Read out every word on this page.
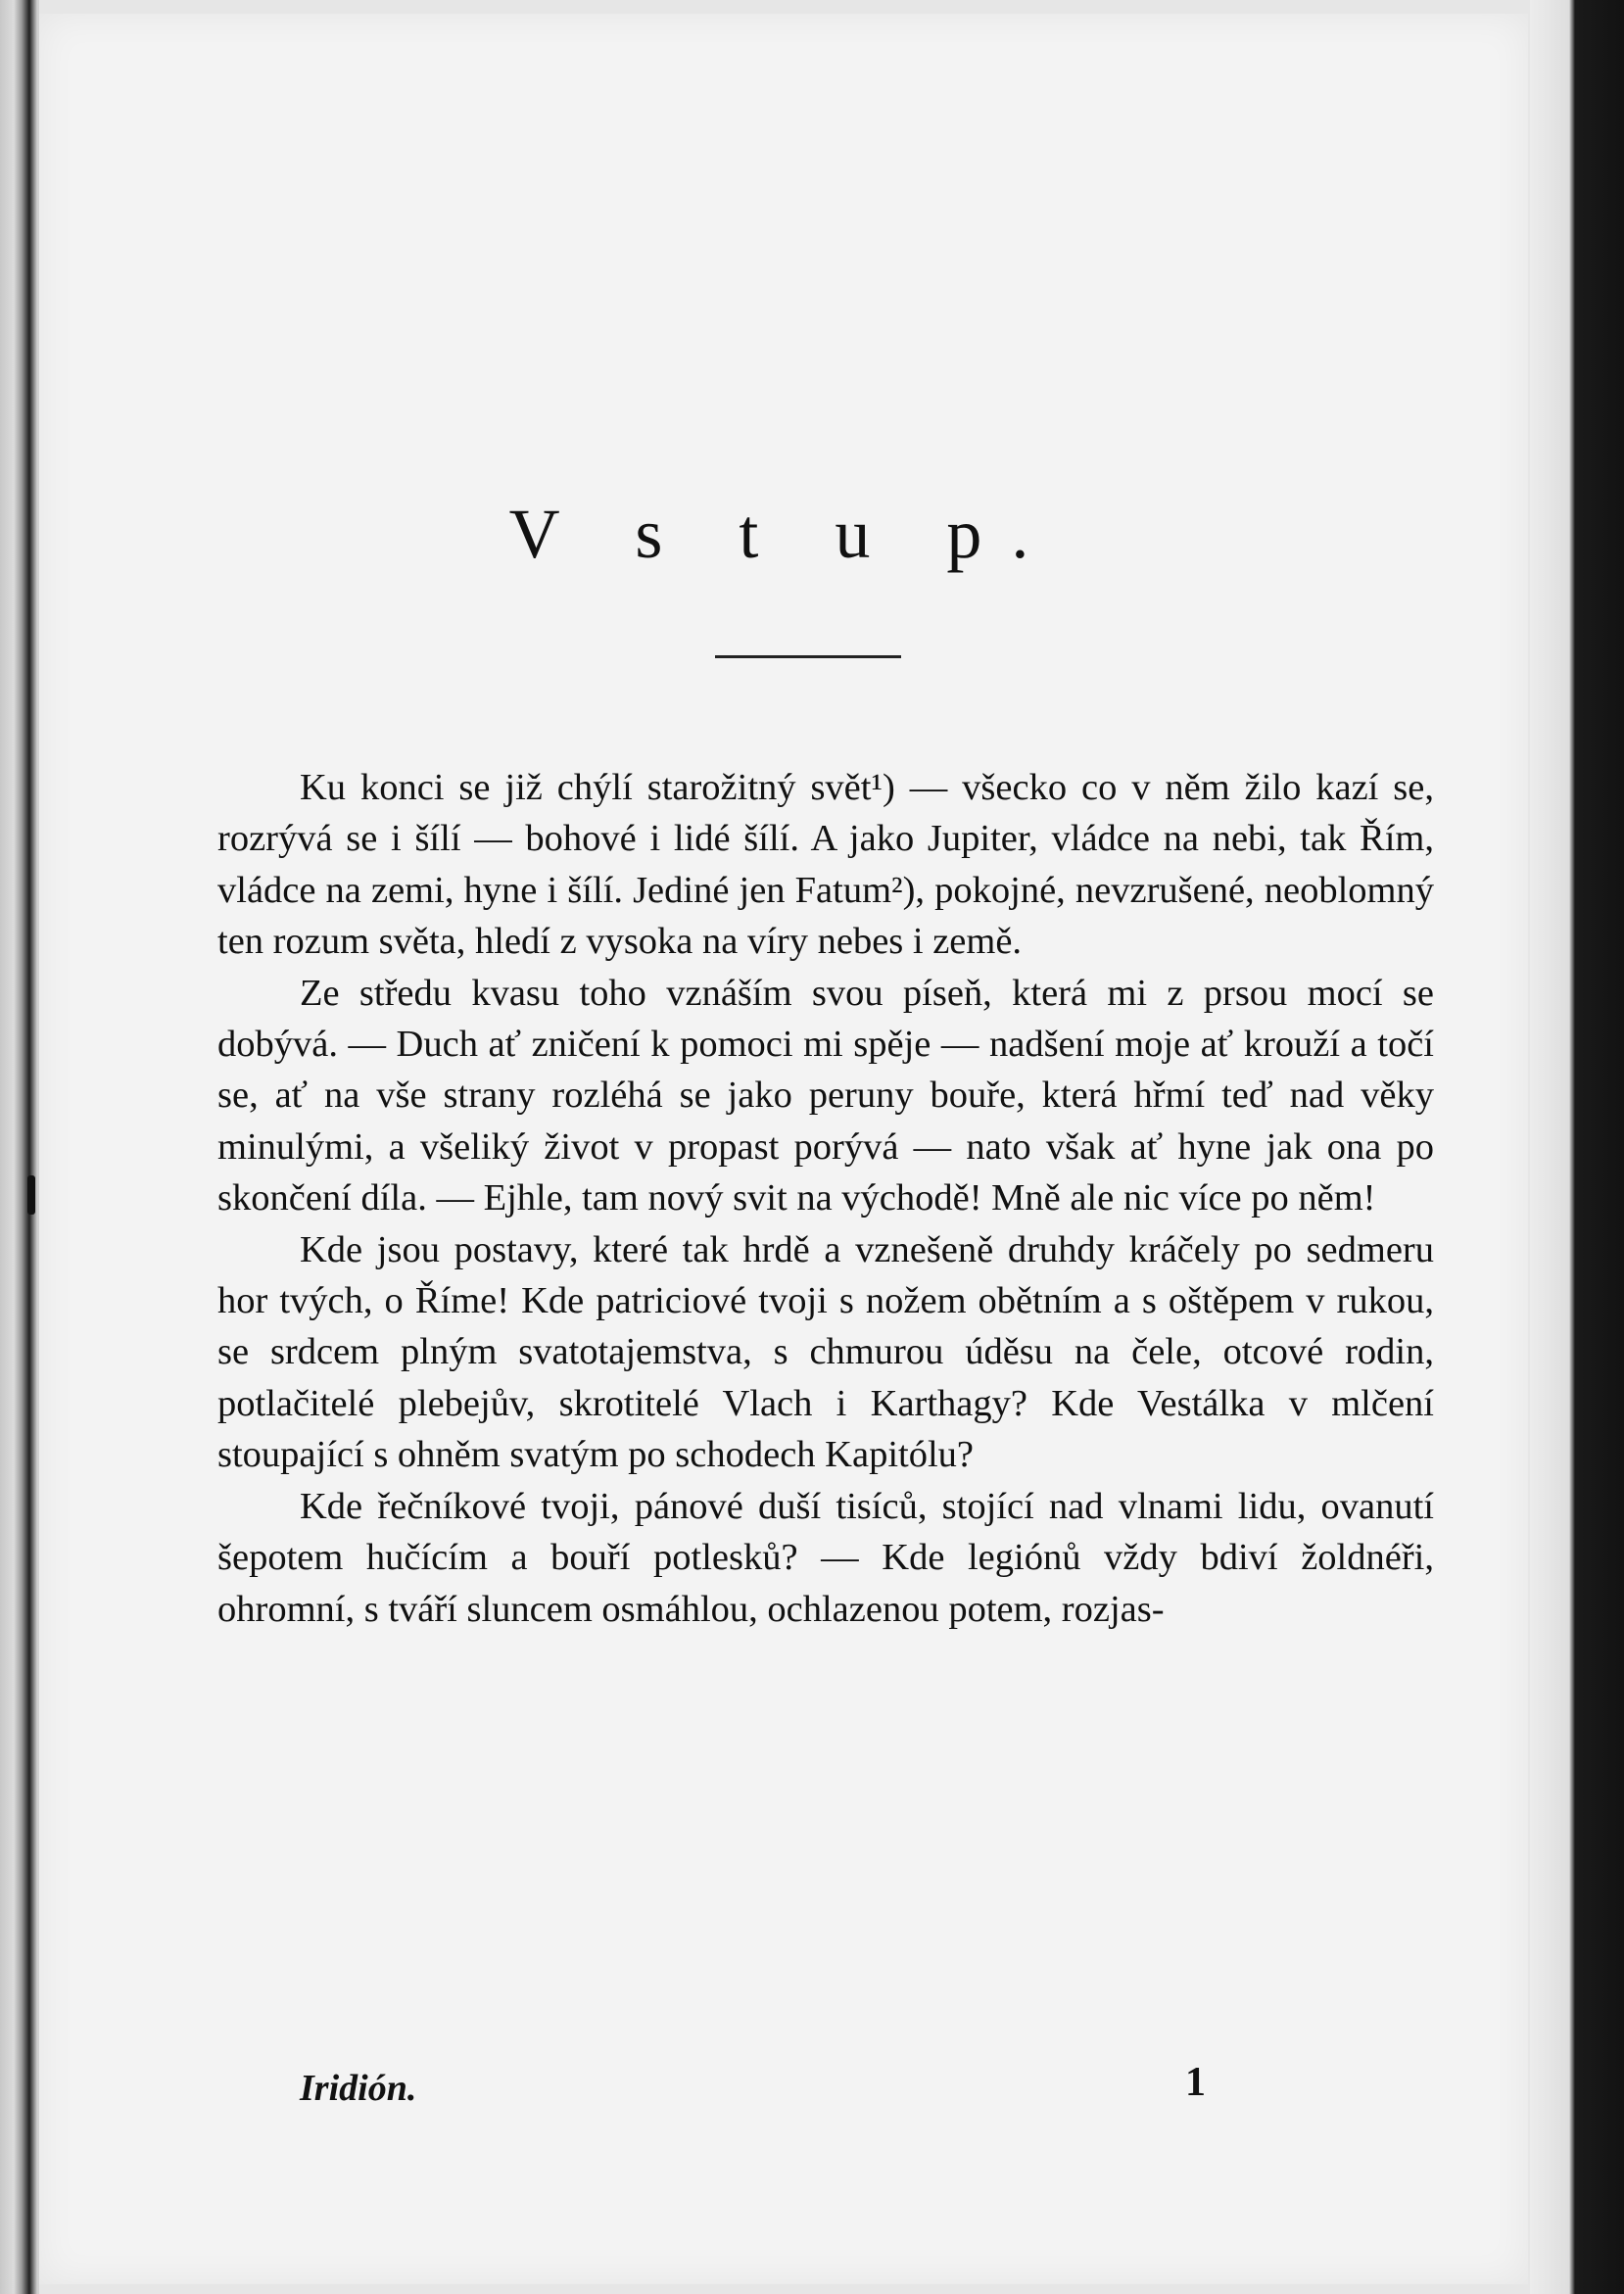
V s t u p.

Ku konci se již chýlí starožitný svět¹) — všecko co v něm žilo kazí se, rozrývá se i šílí — bohové i lidé šílí. A jako Jupiter, vládce na nebi, tak Řím, vládce na zemi, hyne i šílí. Jediné jen Fatum²), pokojné, nevzrušené, neoblomný ten rozum světa, hledí z vysoka na víry nebes i země.

Ze středu kvasu toho vznáším svou píseň, která mi z prsou mocí se dobývá. — Duch ať zničení k pomoci mi spěje — nadšení moje ať krouží a točí se, ať na vše strany rozléhá se jako peruny bouře, která hřmí teď nad věky minulými, a všeliký život v propast porývá — nato však ať hyne jak ona po skončení díla. — Ejhle, tam nový svit na východě! Mně ale nic více po něm!

Kde jsou postavy, které tak hrdě a vznešeně druhdy kráčely po sedmeru hor tvých, o Říme! Kde patriciové tvoji s nožem obětním a s oštěpem v rukou, se srdcem plným svatotajemstva, s chmurou úděsu na čele, otcové rodin, potlačitelé plebejův, skrotitelé Vlach i Karthagy? Kde Vestálka v mlčení stoupající s ohněm svatým po schodech Kapitólu?

Kde řečníkové tvoji, pánové duší tisíců, stojící nad vlnami lidu, ovanutí šepotem hučícím a bouří potlesků? — Kde legiónů vždy bdiví žoldnéři, ohromní, s tváří sluncem osmáhlou, ochlazenou potem, rozjas-

Iridión.	1
